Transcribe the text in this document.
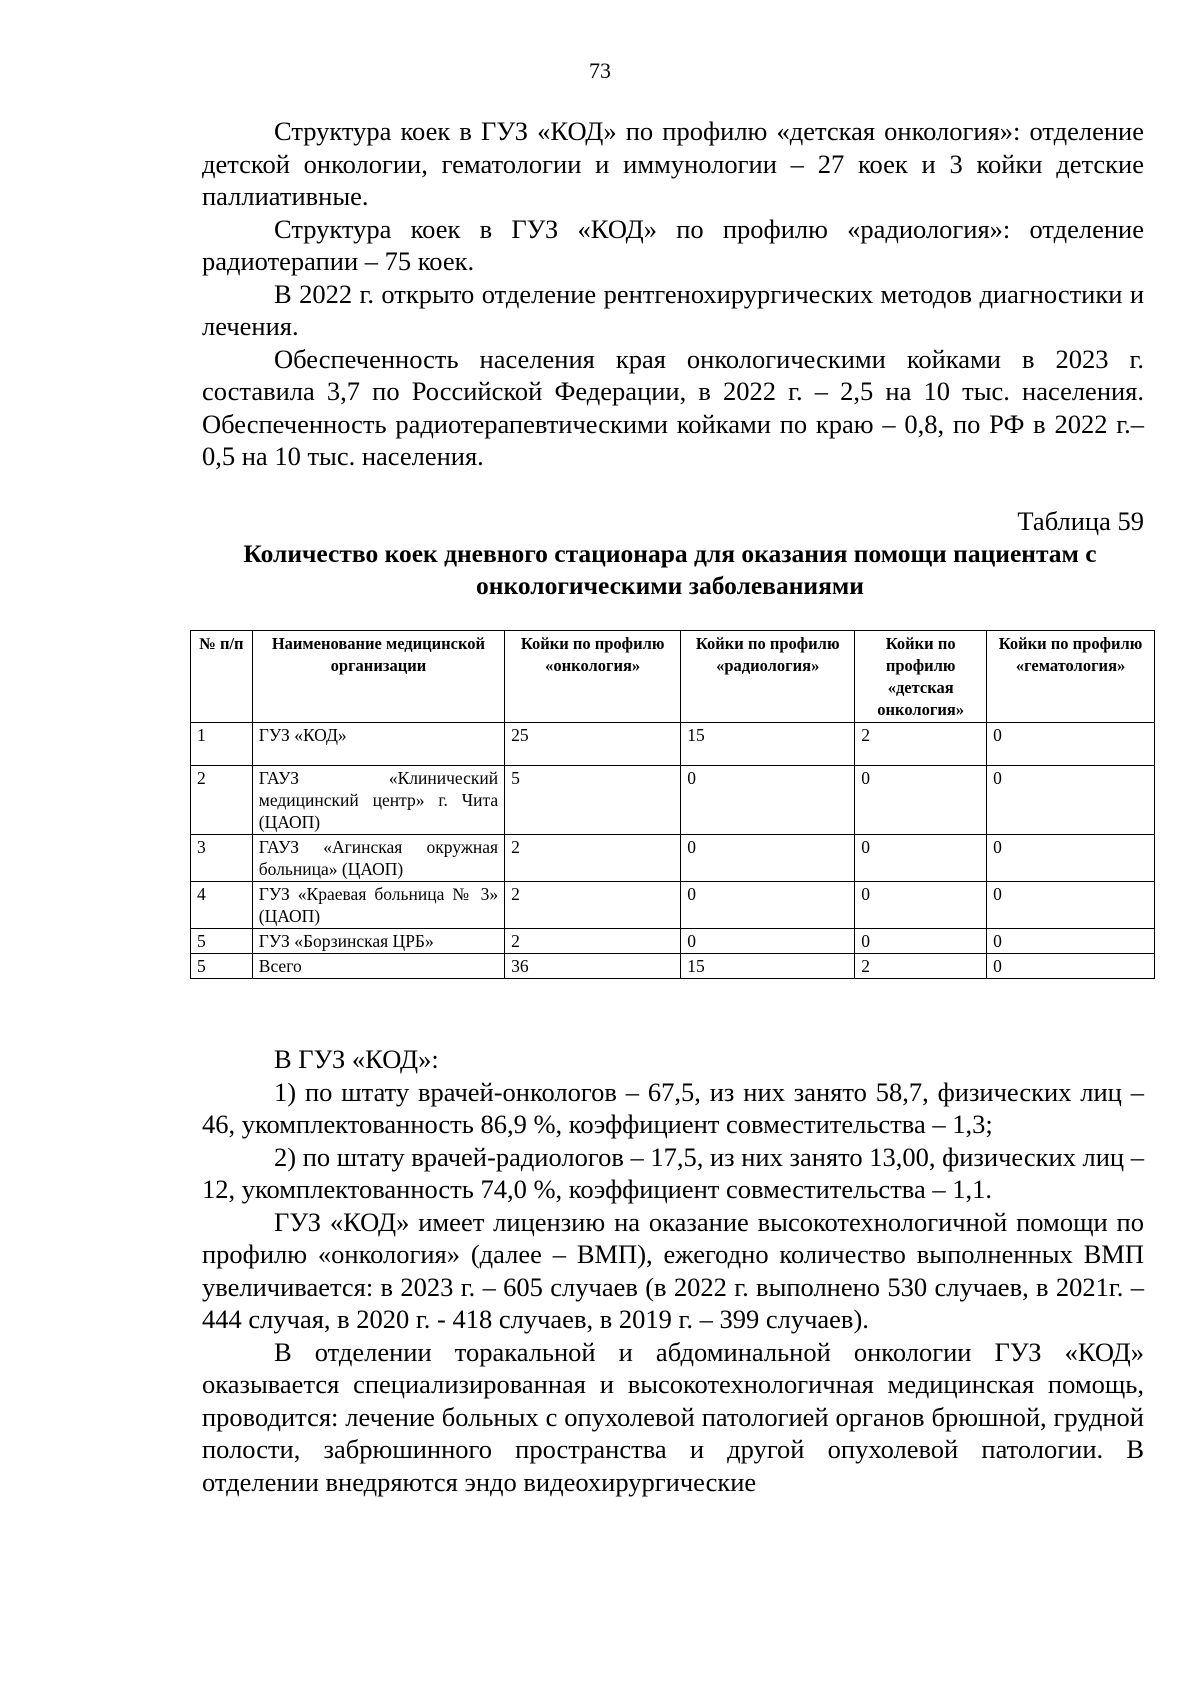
73

Структура коек в ГУЗ «КОД» по профилю «детская онкология»: отделение детской онкологии, гематологии и иммунологии – 27 коек и 3 койки детские паллиативные.

Структура коек в ГУЗ «КОД» по профилю «радиология»: отделение радиотерапии – 75 коек.

В 2022 г. открыто отделение рентгенохирургических методов диагностики и лечения.

Обеспеченность населения края онкологическими койками в 2023 г. составила 3,7 по Российской Федерации, в 2022 г. – 2,5 на 10 тыс. населения. Обеспеченность радиотерапевтическими койками по краю – 0,8, по РФ в 2022 г.– 0,5 на 10 тыс. населения.

Таблица 59
Количество коек дневного стационара для оказания помощи пациентам с онкологическими заболеваниями
№ п/п	Наименование медицинской организации	Койки по профилю «онкология»	Койки по профилю «радиология»	Койки по профилю «детская онкология»	Койки по профилю «гематология»
1	ГУЗ «КОД»	25	15	2	0
2	ГАУЗ «Клинический медицинский центр» г. Чита (ЦАОП)	5	0	0	0
3	ГАУЗ «Агинская окружная больница» (ЦАОП)	2	0	0	0
4	ГУЗ «Краевая больница № 3» (ЦАОП)	2	0	0	0
5	ГУЗ «Борзинская ЦРБ»	2	0	0	0
5	Всего	36	15	2	0

В ГУЗ «КОД»:

1) по штату врачей-онкологов – 67,5, из них занято 58,7, физических лиц – 46, укомплектованность 86,9 %, коэффициент совместительства – 1,3;

2) по штату врачей-радиологов – 17,5, из них занято 13,00, физических лиц – 12, укомплектованность 74,0 %, коэффициент совместительства – 1,1.

ГУЗ «КОД» имеет лицензию на оказание высокотехнологичной помощи по профилю «онкология» (далее – ВМП), ежегодно количество выполненных ВМП увеличивается: в 2023 г. – 605 случаев (в 2022 г. выполнено 530 случаев, в 2021г. – 444 случая, в 2020 г. - 418 случаев, в 2019 г. – 399 случаев).

В отделении торакальной и абдоминальной онкологии ГУЗ «КОД» оказывается специализированная и высокотехнологичная медицинская помощь, проводится: лечение больных с опухолевой патологией органов брюшной, грудной полости, забрюшинного пространства и другой опухолевой патологии. В отделении внедряются эндо видеохирургические
